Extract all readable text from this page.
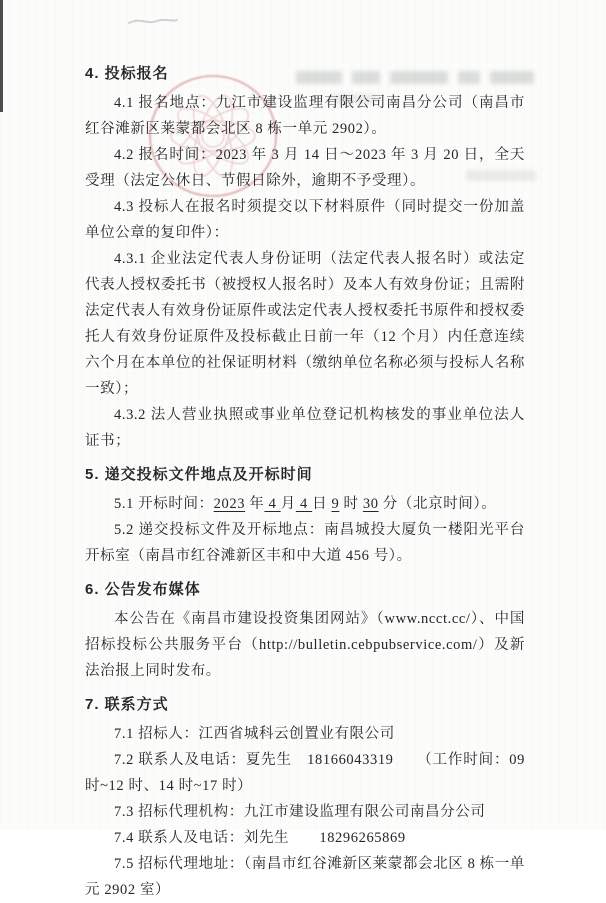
4. 投标报名

4.1 报名地点：九江市建设监理有限公司南昌分公司（南昌市红谷滩新区莱蒙都会北区 8 栋一单元 2902）。

4.2 报名时间：2023 年 3 月 14 日～2023 年 3 月 20 日，全天受理（法定公休日、节假日除外，逾期不予受理）。

4.3 投标人在报名时须提交以下材料原件（同时提交一份加盖单位公章的复印件）：

4.3.1 企业法定代表人身份证明（法定代表人报名时）或法定代表人授权委托书（被授权人报名时）及本人有效身份证；且需附法定代表人有效身份证原件或法定代表人授权委托书原件和授权委托人有效身份证原件及投标截止日前一年（12 个月）内任意连续六个月在本单位的社保证明材料（缴纳单位名称必须与投标人名称一致）；

4.3.2 法人营业执照或事业单位登记机构核发的事业单位法人证书；

5. 递交投标文件地点及开标时间

5.1 开标时间：2023 年 4 月 4 日 9 时 30 分（北京时间）。

5.2 递交投标文件及开标地点：南昌城投大厦负一楼阳光平台开标室（南昌市红谷滩新区丰和中大道 456 号）。

6. 公告发布媒体

本公告在《南昌市建设投资集团网站》（www.ncct.cc/）、中国招标投标公共服务平台（http://bulletin.cebpubservice.com/）及新法治报上同时发布。

7. 联系方式

7.1 招标人：江西省城科云创置业有限公司

7.2 联系人及电话：夏先生　18166043319　　（工作时间：09 时~12 时、14 时~17 时）

7.3 招标代理机构：九江市建设监理有限公司南昌分公司

7.4 联系人及电话：刘先生　　18296265869

7.5 招标代理地址：（南昌市红谷滩新区莱蒙都会北区 8 栋一单元 2902 室）
